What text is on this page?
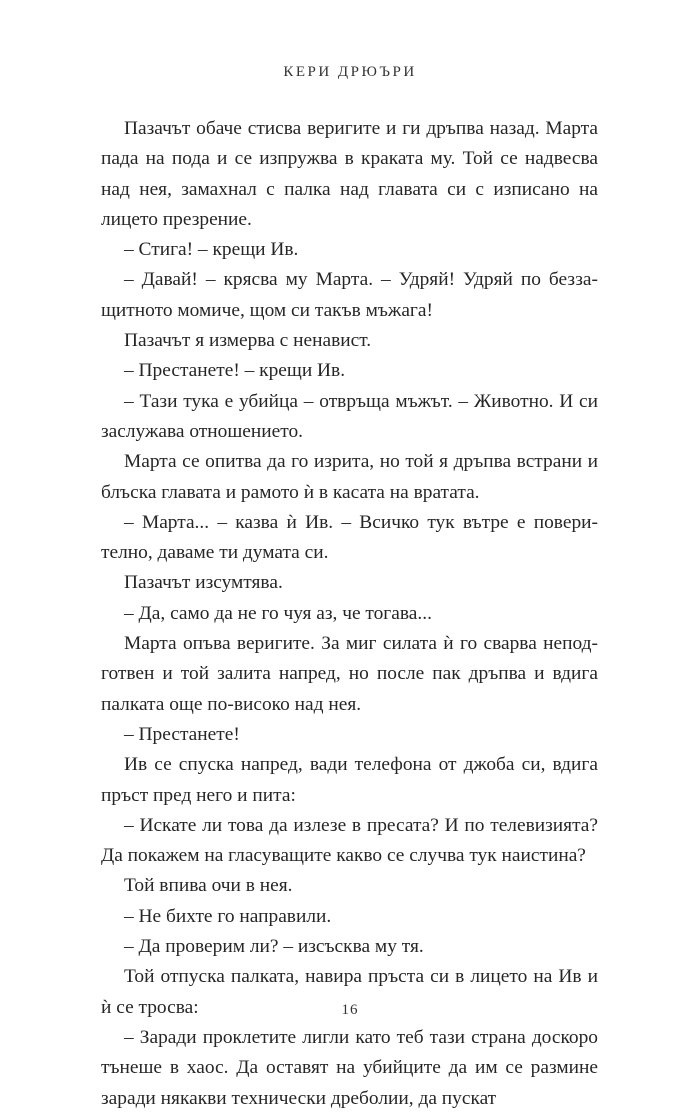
КЕРИ ДРЮЪРИ

Пазачът обаче стисва веригите и ги дръпва назад. Марта пада на пода и се изпружва в краката му. Той се надвесва над нея, замахнал с палка над главата си с изписано на лицето презрение.

– Стига! – крещи Ив.

– Давай! – крясва му Марта. – Удряй! Удряй по беззащитното момиче, щом си такъв мъжага!

Пазачът я измерва с ненавист.

– Престанете! – крещи Ив.

– Тази тука е убийца – отвръща мъжът. – Животно. И си заслужава отношението.

Марта се опитва да го изрита, но той я дръпва встрани и блъска главата и рамото ѝ в касата на вратата.

– Марта... – казва ѝ Ив. – Всичко тук вътре е поверително, даваме ти думата си.

Пазачът изсумтява.

– Да, само да не го чуя аз, че тогава...

Марта опъва веригите. За миг силата ѝ го сварва неподготвен и той залита напред, но после пак дръпва и вдига палката още по-високо над нея.

– Престанете!

Ив се спуска напред, вади телефона от джоба си, вдига пръст пред него и пита:

– Искате ли това да излезе в пресата? И по телевизията? Да покажем на гласуващите какво се случва тук наистина?

Той впива очи в нея.

– Не бихте го направили.

– Да проверим ли? – изсъсква му тя.

Той отпуска палката, навира пръста си в лицето на Ив и ѝ се тросва:

– Заради проклетите лигли като теб тази страна доскоро тънеше в хаос. Да оставят на убийците да им се размине заради някакви технически дреболии, да пускат

16
